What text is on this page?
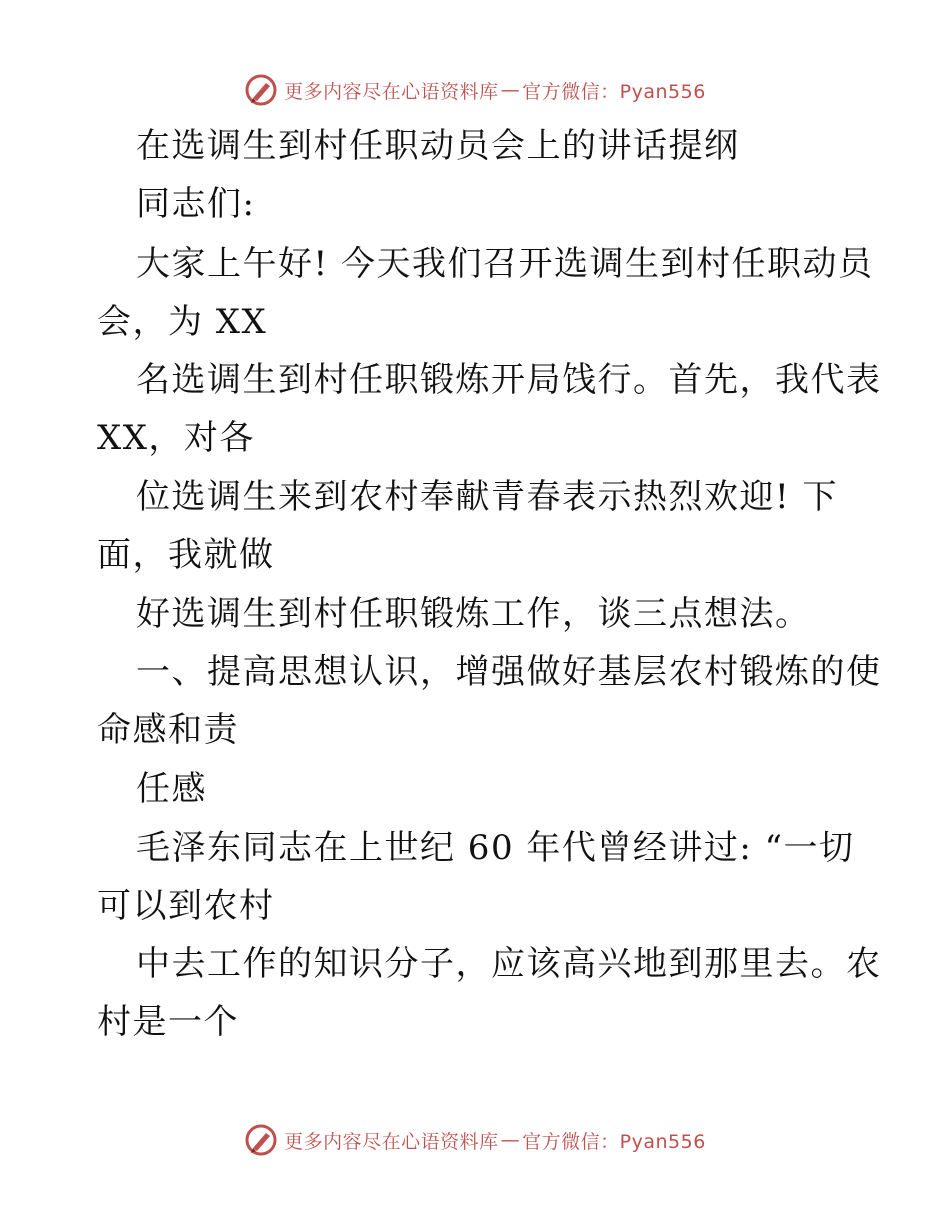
更多内容尽在心语资料库 — 官方微信：Pyan556
在选调生到村任职动员会上的讲话提纲
同志们:
大家上午好! 今天我们召开选调生到村任职动员
会，为 XX
名选调生到村任职锻炼开局饯行。首先，我代表
XX，对各
位选调生来到农村奉献青春表示热烈欢迎! 下
面，我就做
好选调生到村任职锻炼工作，谈三点想法。
一、提高思想认识，增强做好基层农村锻炼的使
命感和责
任感
毛泽东同志在上世纪 60 年代曾经讲过: “一切
可以到农村
中去工作的知识分子，应该高兴地到那里去。农
村是一个
更多内容尽在心语资料库 — 官方微信：Pyan556
